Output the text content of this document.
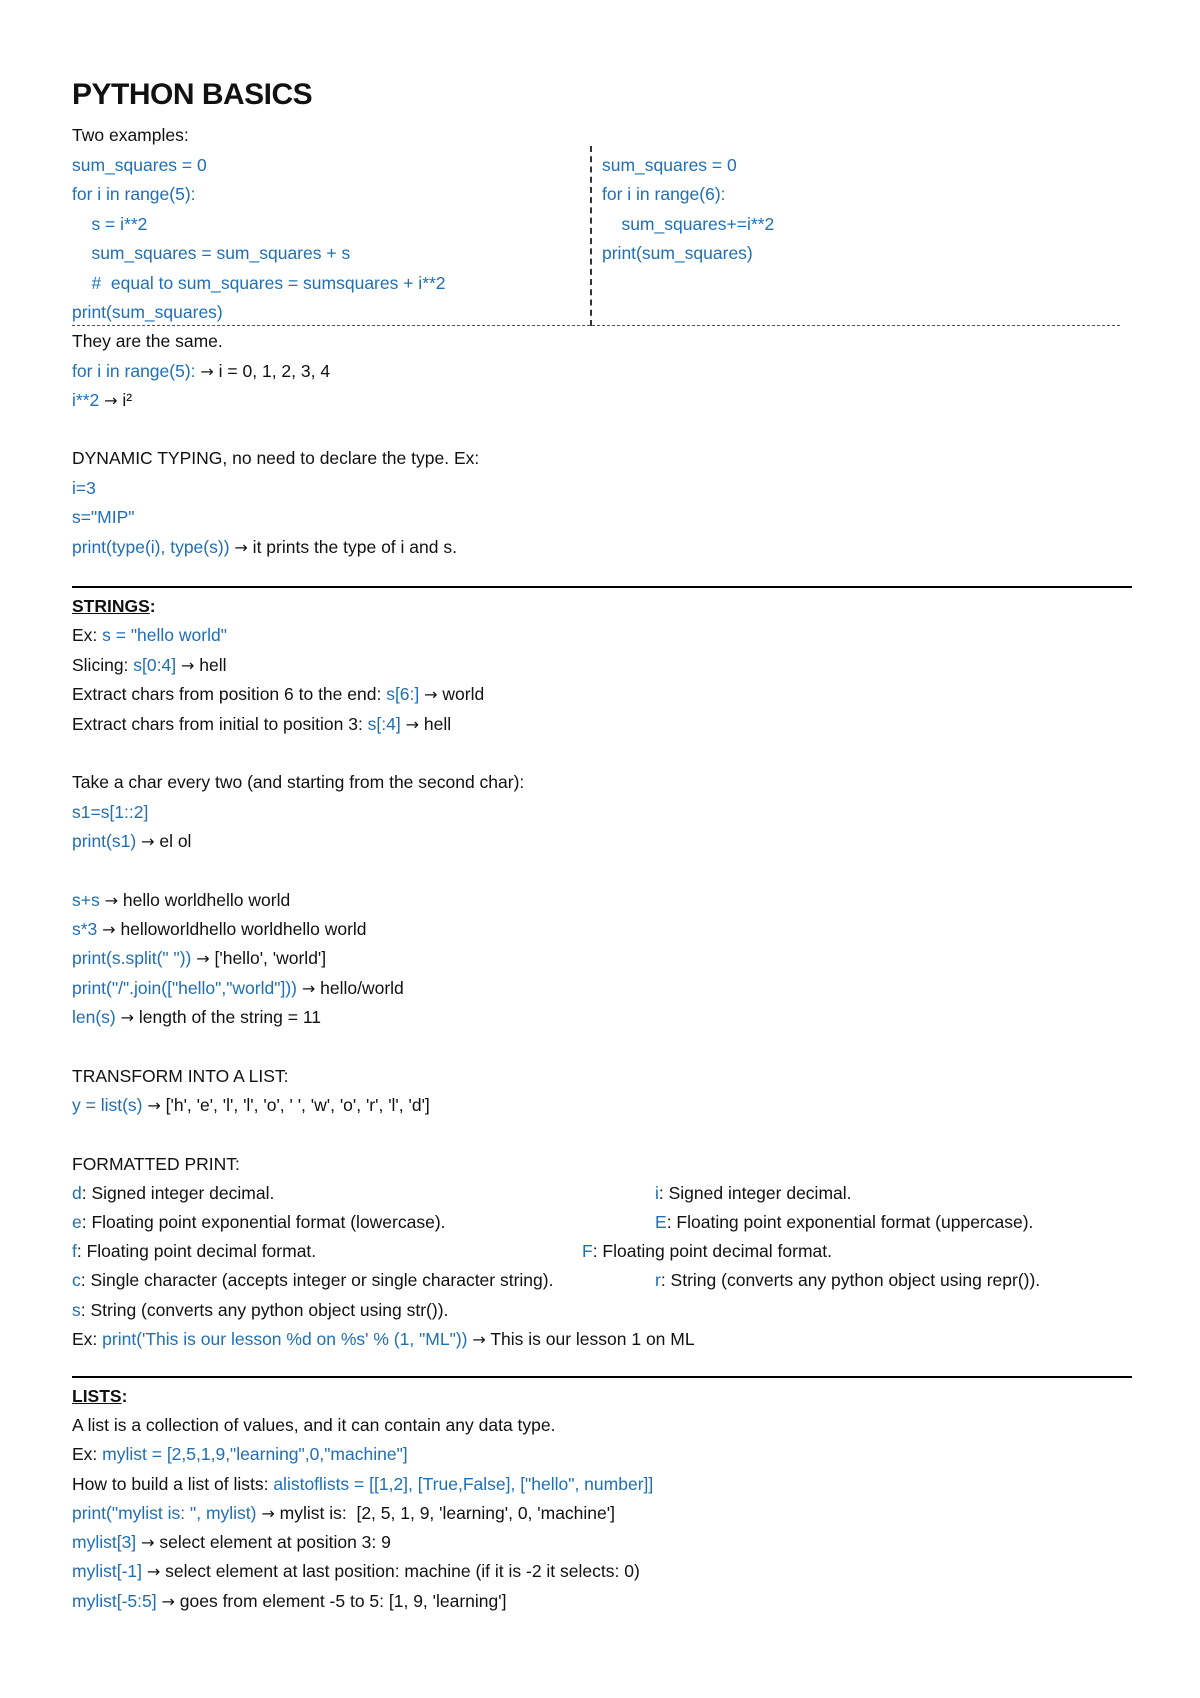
PYTHON BASICS
Two examples:
sum_squares = 0
for i in range(5):
s = i**2
sum_squares = sum_squares + s
#  equal to sum_squares = sumsquares + i**2
print(sum_squares)
sum_squares = 0
for i in range(6):
sum_squares+=i**2
print(sum_squares)
They are the same.
for i in range(5): → i = 0, 1, 2, 3, 4
i**2 → i²
DYNAMIC TYPING, no need to declare the type. Ex:
i=3
s="MIP"
print(type(i), type(s)) → it prints the type of i and s.
STRINGS:
Ex: s = "hello world"
Slicing: s[0:4] → hell
Extract chars from position 6 to the end: s[6:] → world
Extract chars from initial to position 3: s[:4] → hell
Take a char every two (and starting from the second char):
s1=s[1::2]
print(s1) → el ol
s+s → hello worldhello world
s*3 → helloworldhello worldhello world
print(s.split(" ")) → ['hello', 'world']
print("/".join(["hello","world"])) → hello/world
len(s) → length of the string = 11
TRANSFORM INTO A LIST:
y = list(s) → ['h', 'e', 'l', 'l', 'o', ' ', 'w', 'o', 'r', 'l', 'd']
FORMATTED PRINT:
d: Signed integer decimal.	i: Signed integer decimal.
e: Floating point exponential format (lowercase).	E: Floating point exponential format (uppercase).
f: Floating point decimal format.	F: Floating point decimal format.
c: Single character (accepts integer or single character string).	r: String (converts any python object using repr()).
s: String (converts any python object using str()).
Ex: print('This is our lesson %d on %s' % (1, "ML")) → This is our lesson 1 on ML
LISTS:
A list is a collection of values, and it can contain any data type.
Ex: mylist = [2,5,1,9,"learning",0,"machine"]
How to build a list of lists: alistoflists = [[1,2], [True,False], ["hello", number]]
print("mylist is: ", mylist) → mylist is:  [2, 5, 1, 9, 'learning', 0, 'machine']
mylist[3] → select element at position 3: 9
mylist[-1] → select element at last position: machine (if it is -2 it selects: 0)
mylist[-5:5] → goes from element -5 to 5: [1, 9, 'learning']
